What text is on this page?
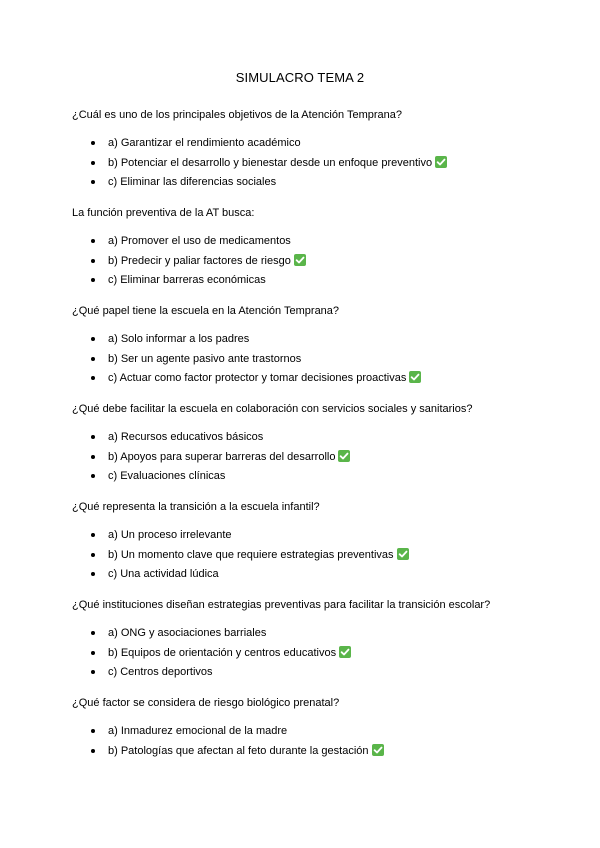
SIMULACRO TEMA 2

¿Cuál es uno de los principales objetivos de la Atención Temprana?

a) Garantizar el rendimiento académico
b) Potenciar el desarrollo y bienestar desde un enfoque preventivo
c) Eliminar las diferencias sociales

La función preventiva de la AT busca:

a) Promover el uso de medicamentos
b) Predecir y paliar factores de riesgo
c) Eliminar barreras económicas

¿Qué papel tiene la escuela en la Atención Temprana?

a) Solo informar a los padres
b) Ser un agente pasivo ante trastornos
c) Actuar como factor protector y tomar decisiones proactivas

¿Qué debe facilitar la escuela en colaboración con servicios sociales y sanitarios?

a) Recursos educativos básicos
b) Apoyos para superar barreras del desarrollo
c) Evaluaciones clínicas

¿Qué representa la transición a la escuela infantil?

a) Un proceso irrelevante
b) Un momento clave que requiere estrategias preventivas
c) Una actividad lúdica

¿Qué instituciones diseñan estrategias preventivas para facilitar la transición escolar?

a) ONG y asociaciones barriales
b) Equipos de orientación y centros educativos
c) Centros deportivos

¿Qué factor se considera de riesgo biológico prenatal?

a) Inmadurez emocional de la madre
b) Patologías que afectan al feto durante la gestación
